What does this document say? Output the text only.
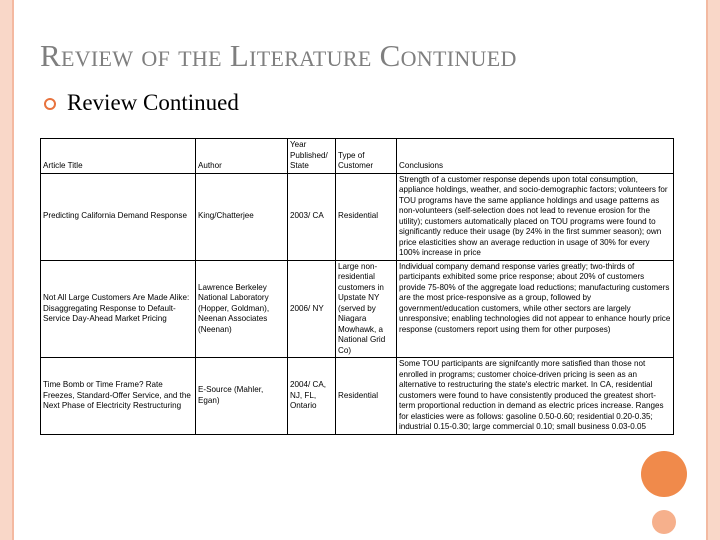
Review of the Literature Continued
Review Continued
Article Title	Author	Year Published/ State	Type of Customer	Conclusions
Predicting California Demand Response	King/Chatterjee	2003/ CA	Residential	Strength of a customer response depends upon total consumption, appliance holdings, weather, and socio-demographic factors; volunteers for TOU programs have the same appliance holdings and usage patterns as non-volunteers (self-selection does not lead to revenue erosion for the utility); customers automatically placed on TOU programs were found to significantly reduce their usage (by 24% in the first summer season); own price elasticities show an average reduction in usage of 30% for every 100% increase in price
Not All Large Customers Are Made Alike: Disaggregating Response to Default-Service Day-Ahead Market Pricing	Lawrence Berkeley National Laboratory (Hopper, Goldman), Neenan Associates (Neenan)	2006/ NY	Large non-residential customers in Upstate NY (served by Niagara Mowhawk, a National Grid Co)	Individual company demand response varies greatly; two-thirds of participants exhibited some price response; about 20% of customers provide 75-80% of the aggregate load reductions; manufacturing customers are the most price-responsive as a group, followed by government/education customers, while other sectors are largely unresponsive; enabling technologies did not appear to enhance hourly price response (customers report using them for other purposes)
Time Bomb or Time Frame? Rate Freezes, Standard-Offer Service, and the Next Phase of Electricity Restructuring	E-Source (Mahler, Egan)	2004/ CA, NJ, FL, Ontario	Residential	Some TOU participants are signifcantly more satisfied than those not enrolled in programs; customer choice-driven pricing is seen as an alternative to restructuring the state's electric market. In CA, residential customers were found to have consistently produced the greatest short-term proportional reduction in demand as electric prices increase. Ranges for elasticies were as follows: gasoline 0.50-0.60; residential 0.20-0.35; industrial 0.15-0.30; large commercial 0.10; small business 0.03-0.05
